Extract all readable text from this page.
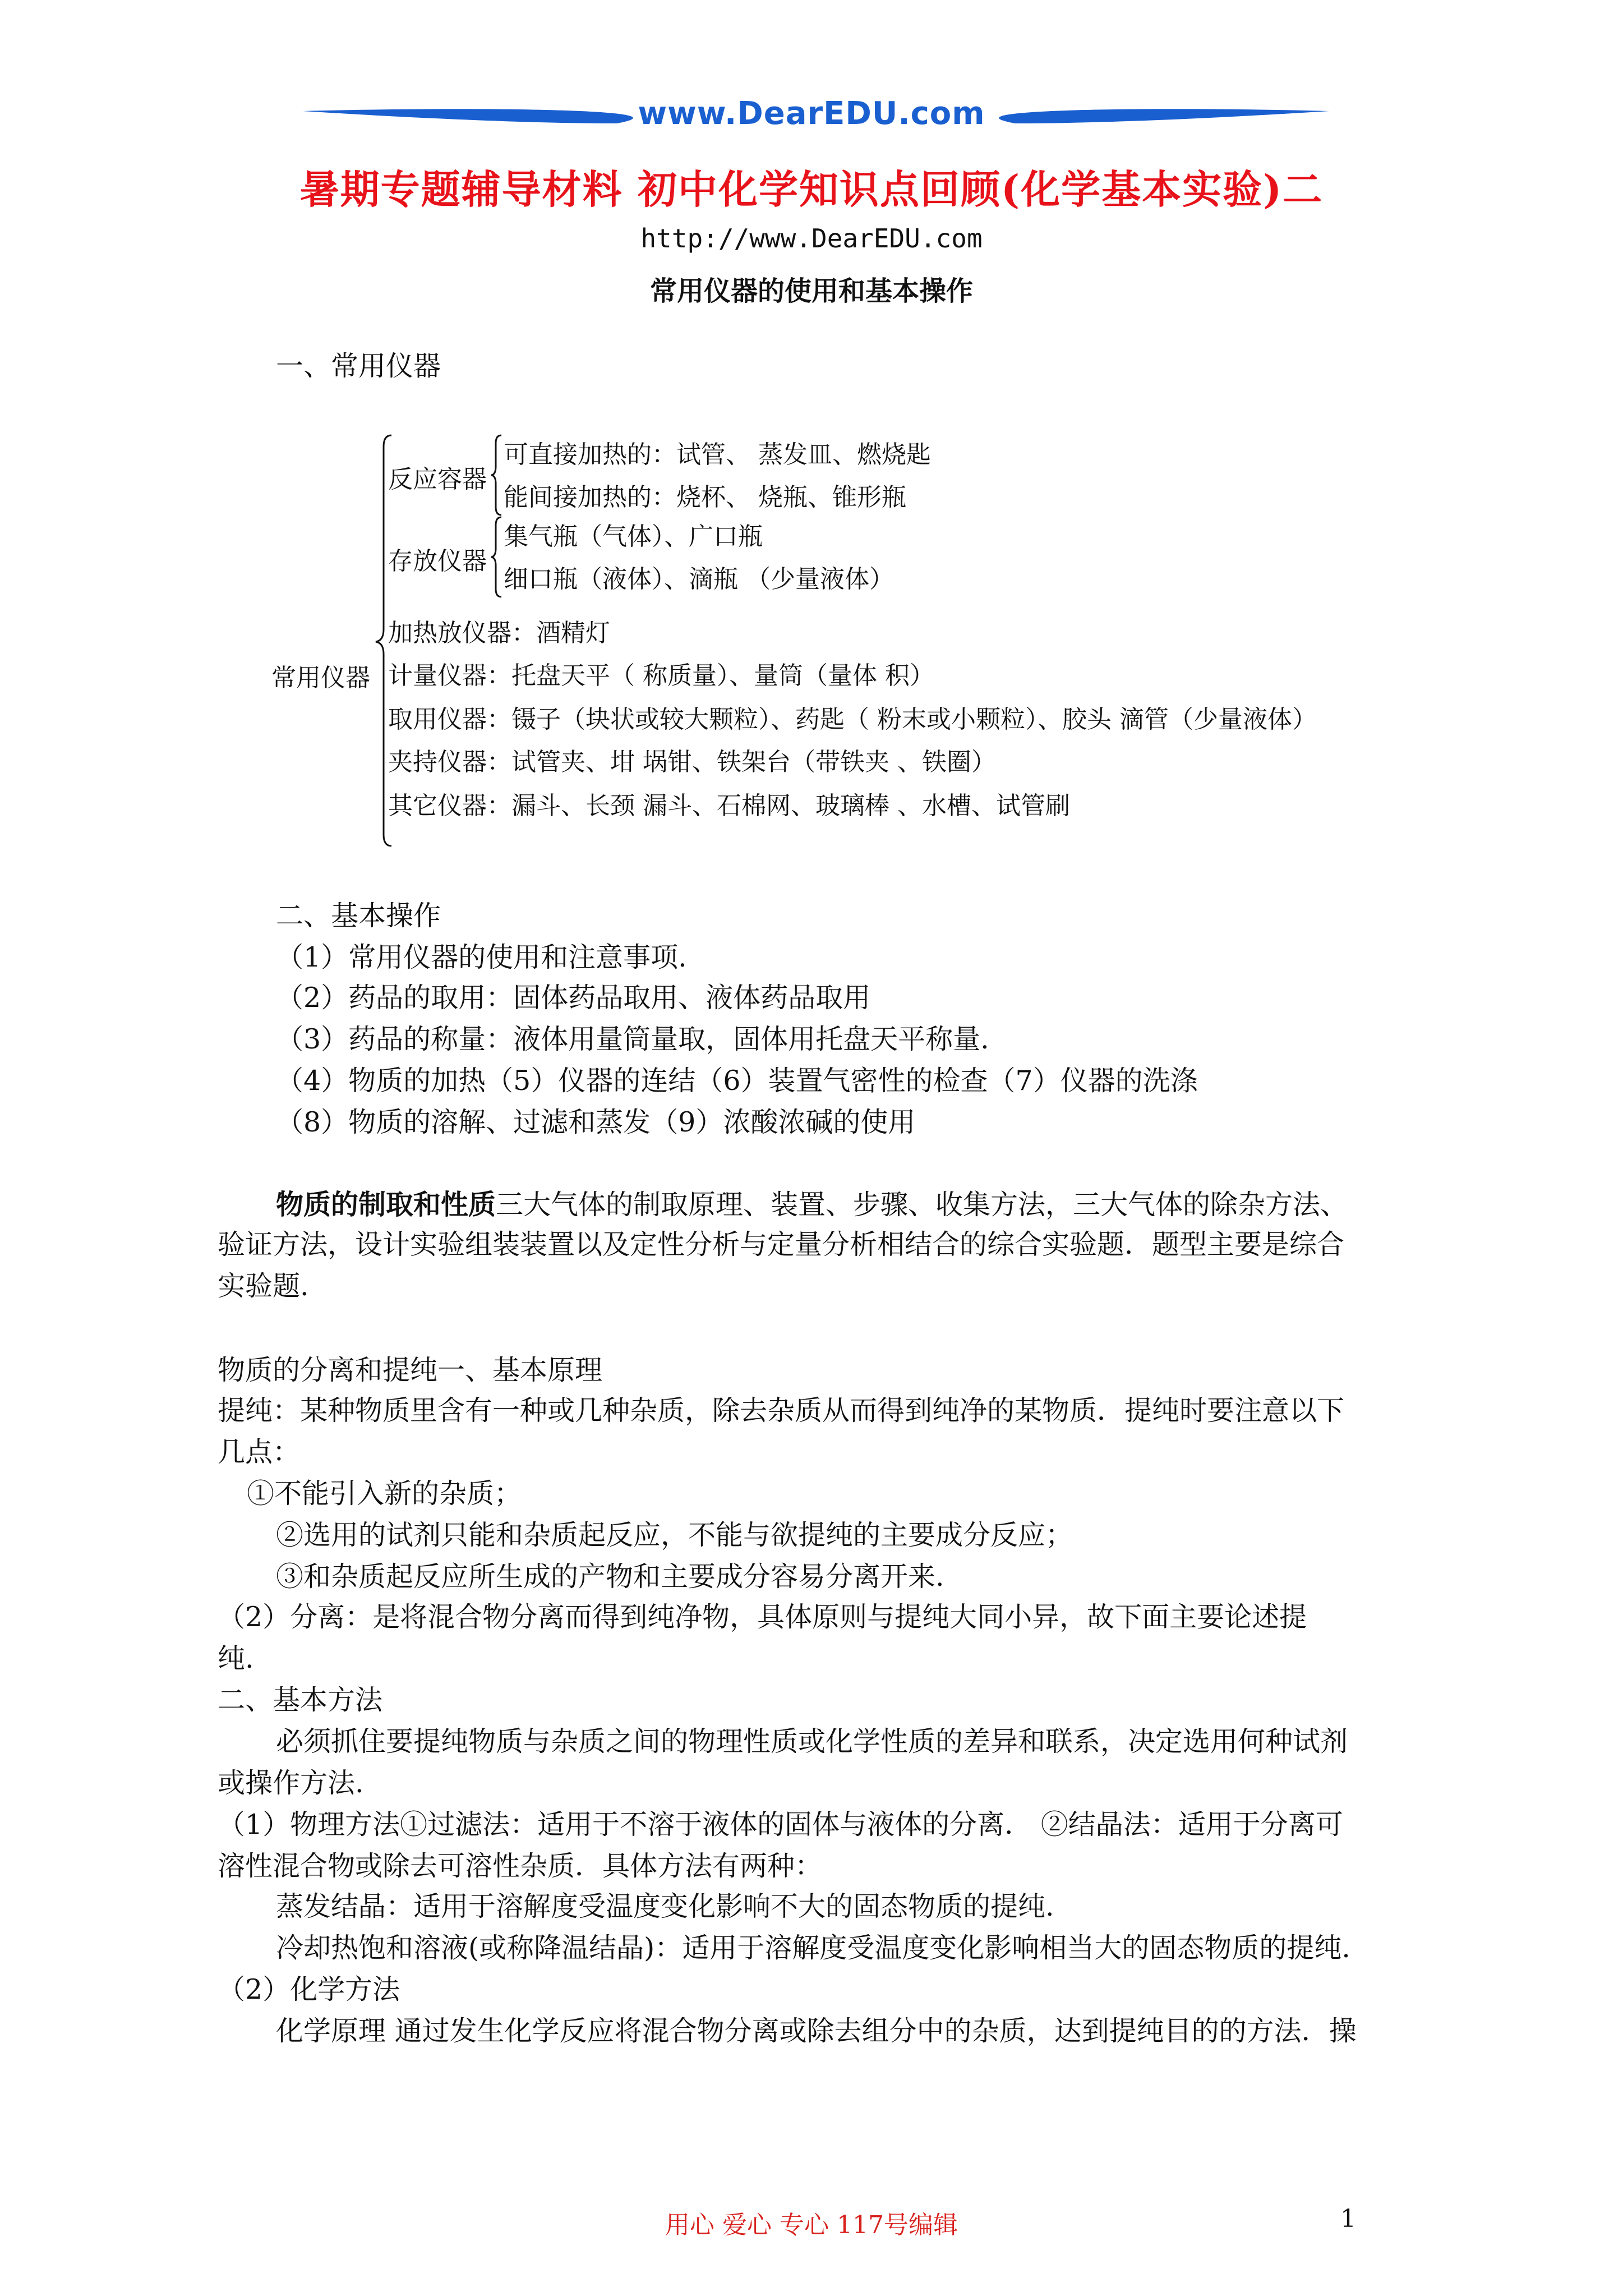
www.DearEDU.com
暑期专题辅导材料 初中化学知识点回顾(化学基本实验)二
http://www.DearEDU.com
常用仪器的使用和基本操作
一、常用仪器
常用仪器
反应容器
可直接加热的：试管、 蒸发皿、燃烧匙
能间接加热的：烧杯、 烧瓶、锥形瓶
存放仪器
集气瓶（气体）、广口瓶
细口瓶（液体）、滴瓶 （少量液体）
加热放仪器：酒精灯
计量仪器：托盘天平（ 称质量）、量筒（量体 积）
取用仪器：镊子（块状或较大颗粒）、药匙（ 粉末或小颗粒）、胶头 滴管（少量液体）
夹持仪器：试管夹、坩 埚钳、铁架台（带铁夹 、铁圈）
其它仪器：漏斗、长颈 漏斗、石棉网、玻璃棒 、水槽、试管刷
二、基本操作
（1）常用仪器的使用和注意事项.
（2）药品的取用：固体药品取用、液体药品取用
（3）药品的称量：液体用量筒量取，固体用托盘天平称量.
（4）物质的加热（5）仪器的连结（6）装置气密性的检查（7）仪器的洗涤
（8）物质的溶解、过滤和蒸发（9）浓酸浓碱的使用
物质的制取和性质三大气体的制取原理、装置、步骤、收集方法，三大气体的除杂方法、
验证方法，设计实验组装装置以及定性分析与定量分析相结合的综合实验题．题型主要是综合
实验题.
物质的分离和提纯一、基本原理
提纯：某种物质里含有一种或几种杂质，除去杂质从而得到纯净的某物质．提纯时要注意以下
几点：
①不能引入新的杂质；
②选用的试剂只能和杂质起反应，不能与欲提纯的主要成分反应；
③和杂质起反应所生成的产物和主要成分容易分离开来.
（2）分离：是将混合物分离而得到纯净物，具体原则与提纯大同小异，故下面主要论述提
纯.
二、基本方法
必须抓住要提纯物质与杂质之间的物理性质或化学性质的差异和联系，决定选用何种试剂
或操作方法.
（1）物理方法①过滤法：适用于不溶于液体的固体与液体的分离． ②结晶法：适用于分离可
溶性混合物或除去可溶性杂质．具体方法有两种：
蒸发结晶：适用于溶解度受温度变化影响不大的固态物质的提纯.
冷却热饱和溶液(或称降温结晶)：适用于溶解度受温度变化影响相当大的固态物质的提纯.
（2）化学方法
化学原理 通过发生化学反应将混合物分离或除去组分中的杂质，达到提纯目的的方法．操
用心 爱心 专心 117号编辑	1
